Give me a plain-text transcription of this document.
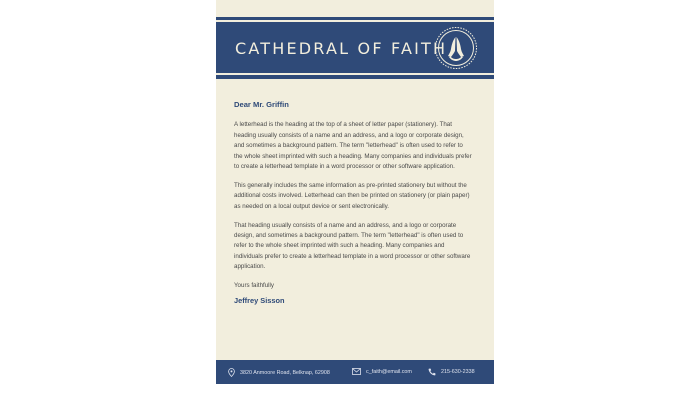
CATHEDRAL OF FAITH
Dear Mr. Griffin
A letterhead is the heading at the top of a sheet of letter paper (stationery). That heading usually consists of a name and an address, and a logo or corporate design, and sometimes a background pattern. The term "letterhead" is often used to refer to the whole sheet imprinted with such a heading. Many companies and individuals prefer to create a letterhead template in a word processor or other software application.
This generally includes the same information as pre-printed stationery but without the additional costs involved. Letterhead can then be printed on stationery (or plain paper) as needed on a local output device or sent electronically.
That heading usually consists of a name and an address, and a logo or corporate design, and sometimes a background pattern. The term "letterhead" is often used to refer to the whole sheet imprinted with such a heading. Many companies and individuals prefer to create a letterhead template in a word processor or other software application.
Yours faithfully
Jeffrey Sisson
3820 Anmoore Road, Belknap, 62908	c_faith@email.com	215-630-2338
